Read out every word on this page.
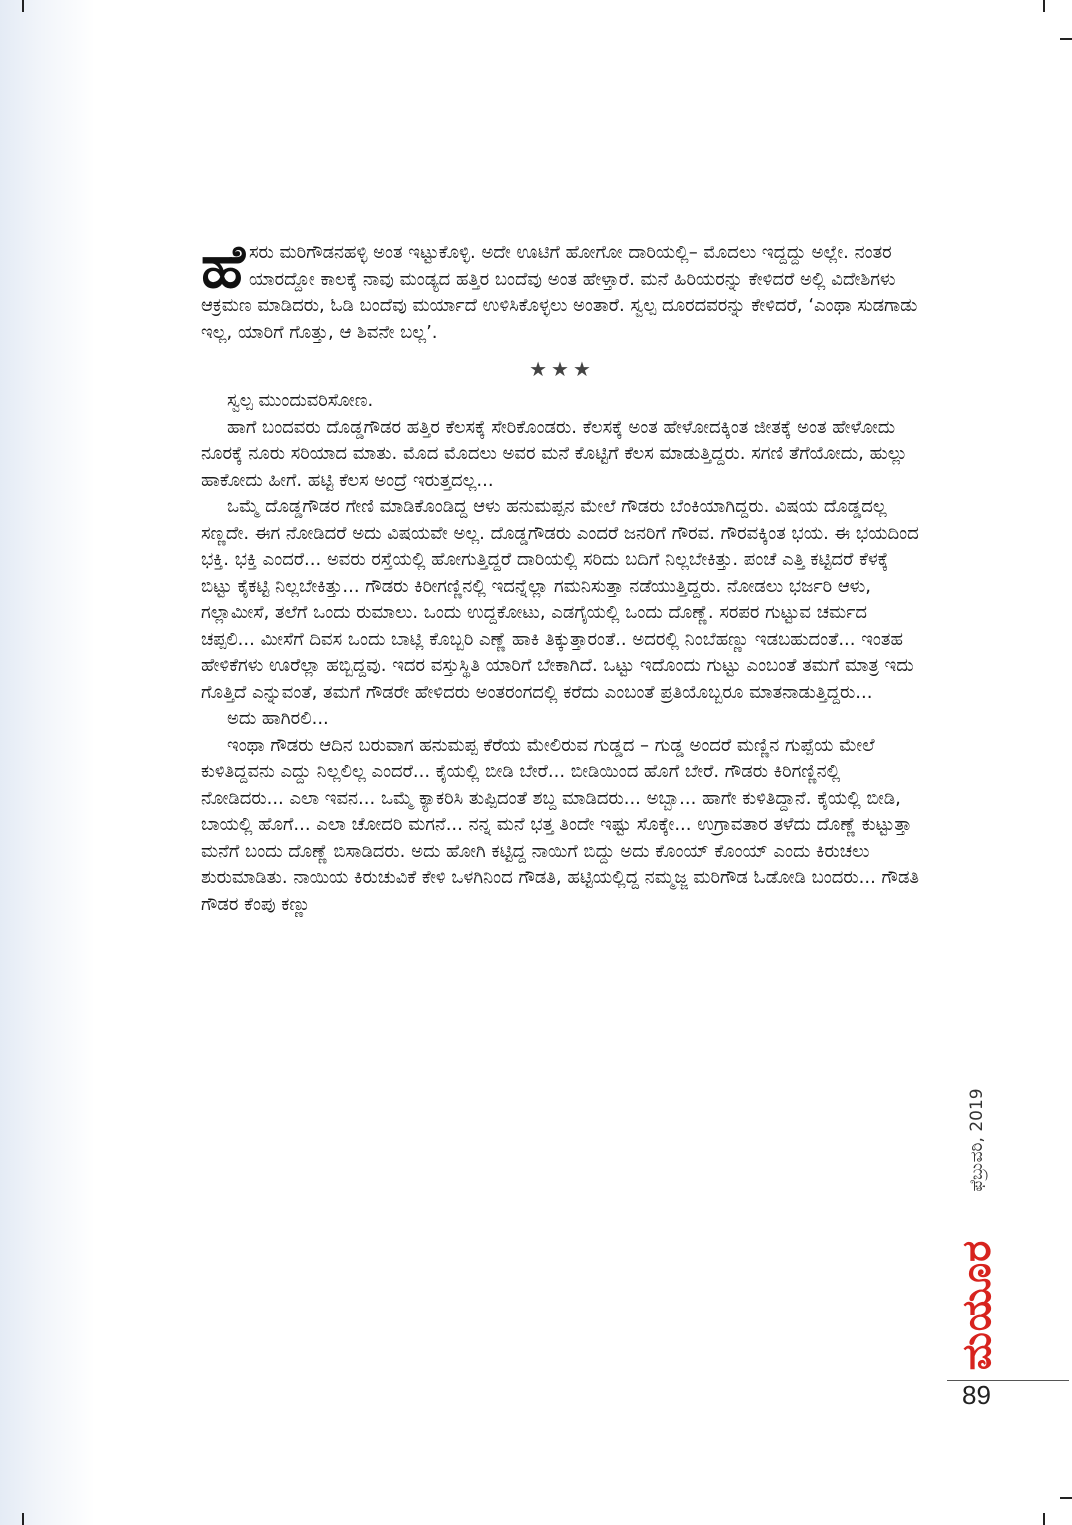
ಹೆಸರು ಮರಿಗೌಡನಹಳ್ಳಿ ಅಂತ ಇಟ್ಟುಕೊಳ್ಳಿ. ಅದೇ ಊಟಿಗೆ ಹೋಗೋ ದಾರಿಯಲ್ಲಿ– ಮೊದಲು ಇದ್ದದ್ದು ಅಲ್ಲೇ. ನಂತರ ಯಾರದ್ದೋ ಕಾಲಕ್ಕೆ ನಾವು ಮಂಡ್ಯದ ಹತ್ತಿರ ಬಂದೆವು ಅಂತ ಹೇಳ್ತಾರೆ. ಮನೆ ಹಿರಿಯರನ್ನು ಕೇಳಿದರೆ ಅಲ್ಲಿ ವಿದೇಶಿಗಳು ಆಕ್ರಮಣ ಮಾಡಿದರು, ಓಡಿ ಬಂದೆವು ಮರ್ಯಾದೆ ಉಳಿಸಿಕೊಳ್ಳಲು ಅಂತಾರೆ. ಸ್ವಲ್ಪ ದೂರದವರನ್ನು ಕೇಳಿದರೆ, ‘ಎಂಥಾ ಸುಡಗಾಡು ಇಲ್ಲ, ಯಾರಿಗೆ ಗೊತ್ತು, ಆ ಶಿವನೇ ಬಲ್ಲ’.

★★★

ಸ್ವಲ್ಪ ಮುಂದುವರಿಸೋಣ.

ಹಾಗೆ ಬಂದವರು ದೊಡ್ಡಗೌಡರ ಹತ್ತಿರ ಕೆಲಸಕ್ಕೆ ಸೇರಿಕೊಂಡರು. ಕೆಲಸಕ್ಕೆ ಅಂತ ಹೇಳೋದಕ್ಕಿಂತ ಜೀತಕ್ಕೆ ಅಂತ ಹೇಳೋದು ನೂರಕ್ಕೆ ನೂರು ಸರಿಯಾದ ಮಾತು. ಮೊದ ಮೊದಲು ಅವರ ಮನೆ ಕೊಟ್ಟಿಗೆ ಕೆಲಸ ಮಾಡುತ್ತಿದ್ದರು. ಸಗಣಿ ತೆಗೆಯೋದು, ಹುಲ್ಲು ಹಾಕೋದು ಹೀಗೆ. ಹಟ್ಟಿ ಕೆಲಸ ಅಂದ್ರೆ ಇರುತ್ತದಲ್ಲ...

ಒಮ್ಮೆ ದೊಡ್ಡಗೌಡರ ಗೇಣಿ ಮಾಡಿಕೊಂಡಿದ್ದ ಆಳು ಹನುಮಪ್ಪನ ಮೇಲೆ ಗೌಡರು ಬೆಂಕಿಯಾಗಿದ್ದರು. ವಿಷಯ ದೊಡ್ಡದಲ್ಲ ಸಣ್ಣದೇ. ಈಗ ನೋಡಿದರೆ ಅದು ವಿಷಯವೇ ಅಲ್ಲ. ದೊಡ್ಡಗೌಡರು ಎಂದರೆ ಜನರಿಗೆ ಗೌರವ. ಗೌರವಕ್ಕಿಂತ ಭಯ. ಈ ಭಯದಿಂದ ಭಕ್ತಿ. ಭಕ್ತಿ ಎಂದರೆ... ಅವರು ರಸ್ತೆಯಲ್ಲಿ ಹೋಗುತ್ತಿದ್ದರೆ ದಾರಿಯಲ್ಲಿ ಸರಿದು ಬದಿಗೆ ನಿಲ್ಲಬೇಕಿತ್ತು. ಪಂಚೆ ಎತ್ತಿ ಕಟ್ಟಿದರೆ ಕೆಳಕ್ಕೆ ಬಿಟ್ಟು ಕೈಕಟ್ಟಿ ನಿಲ್ಲಬೇಕಿತ್ತು... ಗೌಡರು ಕಿರೀಗಣ್ಣಿನಲ್ಲಿ ಇದನ್ನೆಲ್ಲಾ ಗಮನಿಸುತ್ತಾ ನಡೆಯುತ್ತಿದ್ದರು. ನೋಡಲು ಭರ್ಜರಿ ಆಳು, ಗಲ್ಲಾಮೀಸೆ, ತಲೆಗೆ ಒಂದು ರುಮಾಲು. ಒಂದು ಉದ್ದಕೋಟು, ಎಡಗೈಯಲ್ಲಿ ಒಂದು ದೊಣ್ಣೆ. ಸರಪರ ಗುಟ್ಟುವ ಚರ್ಮದ ಚಪ್ಪಲಿ... ಮೀಸೆಗೆ ದಿವಸ ಒಂದು ಬಾಟ್ಲಿ ಕೊಬ್ಬರಿ ಎಣ್ಣೆ ಹಾಕಿ ತಿಕ್ಕುತ್ತಾರಂತೆ.. ಅದರಲ್ಲಿ ನಿಂಬೆಹಣ್ಣು ಇಡಬಹುದಂತೆ... ಇಂತಹ ಹೇಳಿಕೆಗಳು ಊರೆಲ್ಲಾ ಹಬ್ಬಿದ್ದವು. ಇದರ ವಸ್ತುಸ್ಥಿತಿ ಯಾರಿಗೆ ಬೇಕಾಗಿದೆ. ಒಟ್ಟು ಇದೊಂದು ಗುಟ್ಟು ಎಂಬಂತೆ ತಮಗೆ ಮಾತ್ರ ಇದು ಗೊತ್ತಿದೆ ಎನ್ನುವಂತೆ, ತಮಗೆ ಗೌಡರೇ ಹೇಳಿದರು ಅಂತರಂಗದಲ್ಲಿ ಕರೆದು ಎಂಬಂತೆ ಪ್ರತಿಯೊಬ್ಬರೂ ಮಾತನಾಡುತ್ತಿದ್ದರು...

ಅದು ಹಾಗಿರಲಿ...

ಇಂಥಾ ಗೌಡರು ಆದಿನ ಬರುವಾಗ ಹನುಮಪ್ಪ ಕೆರೆಯ ಮೇಲಿರುವ ಗುಡ್ಡದ – ಗುಡ್ಡ ಅಂದರೆ ಮಣ್ಣಿನ ಗುಪ್ಪೆಯ ಮೇಲೆ ಕುಳಿತಿದ್ದವನು ಎದ್ದು ನಿಲ್ಲಲಿಲ್ಲ ಎಂದರೆ... ಕೈಯಲ್ಲಿ ಬೀಡಿ ಬೇರೆ... ಬೀಡಿಯಿಂದ ಹೊಗೆ ಬೇರೆ. ಗೌಡರು ಕಿರಿಗಣ್ಣಿನಲ್ಲಿ ನೋಡಿದರು... ಎಲಾ ಇವನ... ಒಮ್ಮೆ ಕ್ಯಾಕರಿಸಿ ತುಪ್ಪಿದಂತೆ ಶಬ್ದ ಮಾಡಿದರು... ಅಬ್ಬಾ... ಹಾಗೇ ಕುಳಿತಿದ್ದಾನೆ. ಕೈಯಲ್ಲಿ ಬೀಡಿ, ಬಾಯಲ್ಲಿ ಹೊಗೆ... ಎಲಾ ಚೋದರಿ ಮಗನೆ... ನನ್ನ ಮನೆ ಭತ್ತ ತಿಂದೇ ಇಷ್ಟು ಸೊಕ್ಕೇ... ಉಗ್ರಾವತಾರ ತಳೆದು ದೊಣ್ಣೆ ಕುಟ್ಟುತ್ತಾ ಮನೆಗೆ ಬಂದು ದೊಣ್ಣೆ ಬಿಸಾಡಿದರು. ಅದು ಹೋಗಿ ಕಟ್ಟಿದ್ದ ನಾಯಿಗೆ ಬಿದ್ದು ಅದು ಕೊಂಯ್ ಕೊಂಯ್ ಎಂದು ಕಿರುಚಲು ಶುರುಮಾಡಿತು. ನಾಯಿಯ ಕಿರುಚುವಿಕೆ ಕೇಳಿ ಒಳಗಿನಿಂದ ಗೌಡತಿ, ಹಟ್ಟಿಯಲ್ಲಿದ್ದ ನಮ್ಮಜ್ಜ ಮರಿಗೌಡ ಓಡೋಡಿ ಬಂದರು... ಗೌಡತಿ ಗೌಡರ ಕೆಂಪು ಕಣ್ಣು

ಫೆಬ್ರುವರಿ, 2019
ಮಯೂರ
89
